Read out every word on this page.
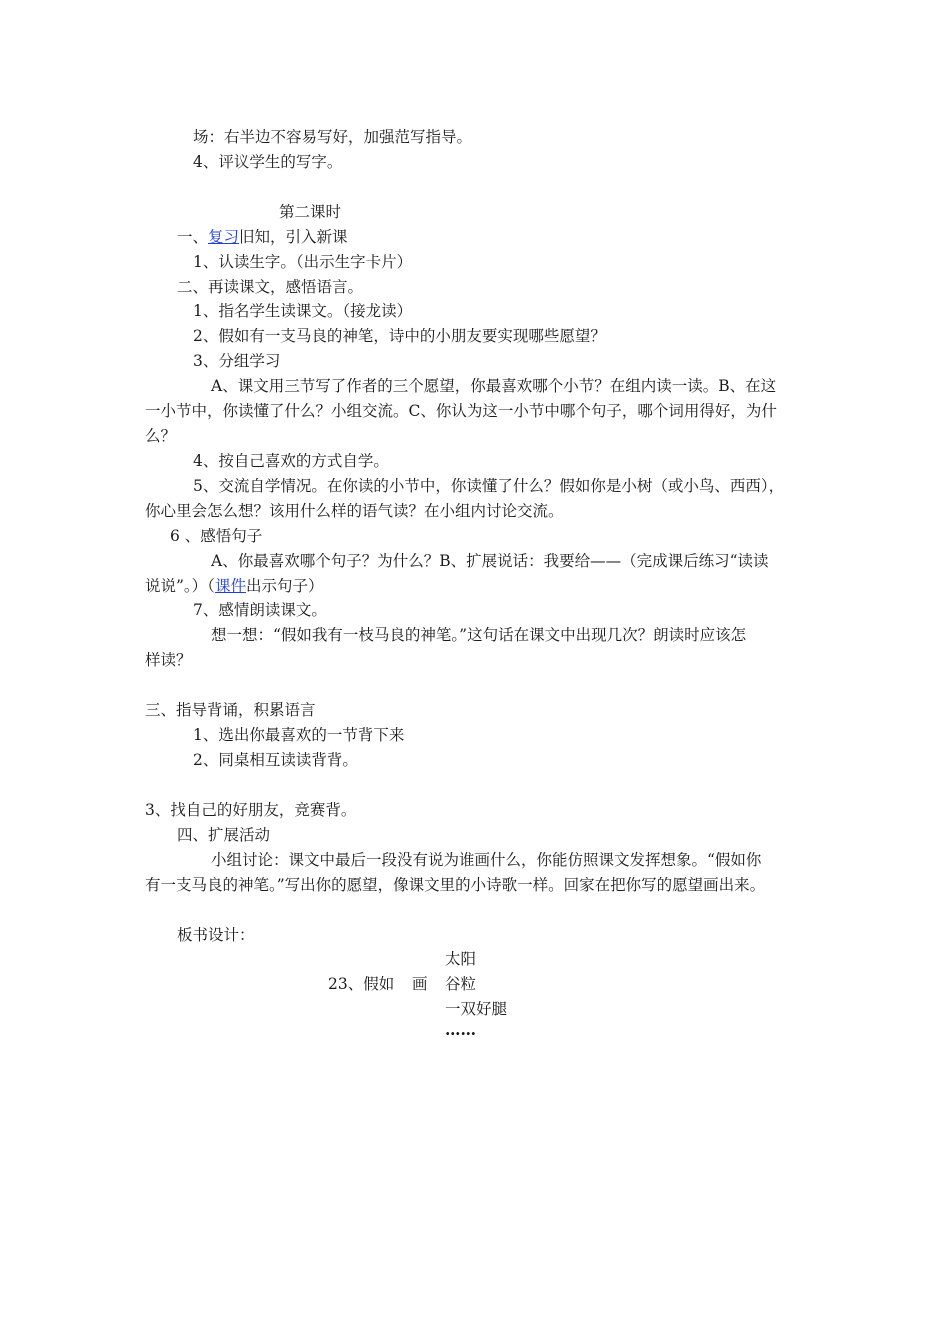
场：右半边不容易写好，加强范写指导。
4、评议学生的写字。
第二课时
一、复习旧知，引入新课
1、认读生字。（出示生字卡片）
二、再读课文，感悟语言。
1、指名学生读课文。（接龙读）
2、假如有一支马良的神笔，诗中的小朋友要实现哪些愿望？
3、分组学习
A、课文用三节写了作者的三个愿望，你最喜欢哪个小节？在组内读一读。B、在这
一小节中，你读懂了什么？小组交流。C、你认为这一小节中哪个句子，哪个词用得好，为什
么？
4、按自己喜欢的方式自学。
5、交流自学情况。在你读的小节中，你读懂了什么？假如你是小树（或小鸟、西西），
你心里会怎么想？该用什么样的语气读？在小组内讨论交流。
6 、感悟句子
A、你最喜欢哪个句子？为什么？B、扩展说话：我要给——（完成课后练习“读读
说说”。）（课件出示句子）
7、感情朗读课文。
想一想：“假如我有一枝马良的神笔。”这句话在课文中出现几次？朗读时应该怎
样读？
三、指导背诵，积累语言
1、选出你最喜欢的一节背下来
2、同桌相互读读背背。
3、找自己的好朋友，竞赛背。
四、扩展活动
小组讨论：课文中最后一段没有说为谁画什么，你能仿照课文发挥想象。“假如你
有一支马良的神笔。”写出你的愿望，像课文里的小诗歌一样。回家在把你写的愿望画出来。
板书设计：
太阳
23、假如 画 谷粒
一双好腿
……
